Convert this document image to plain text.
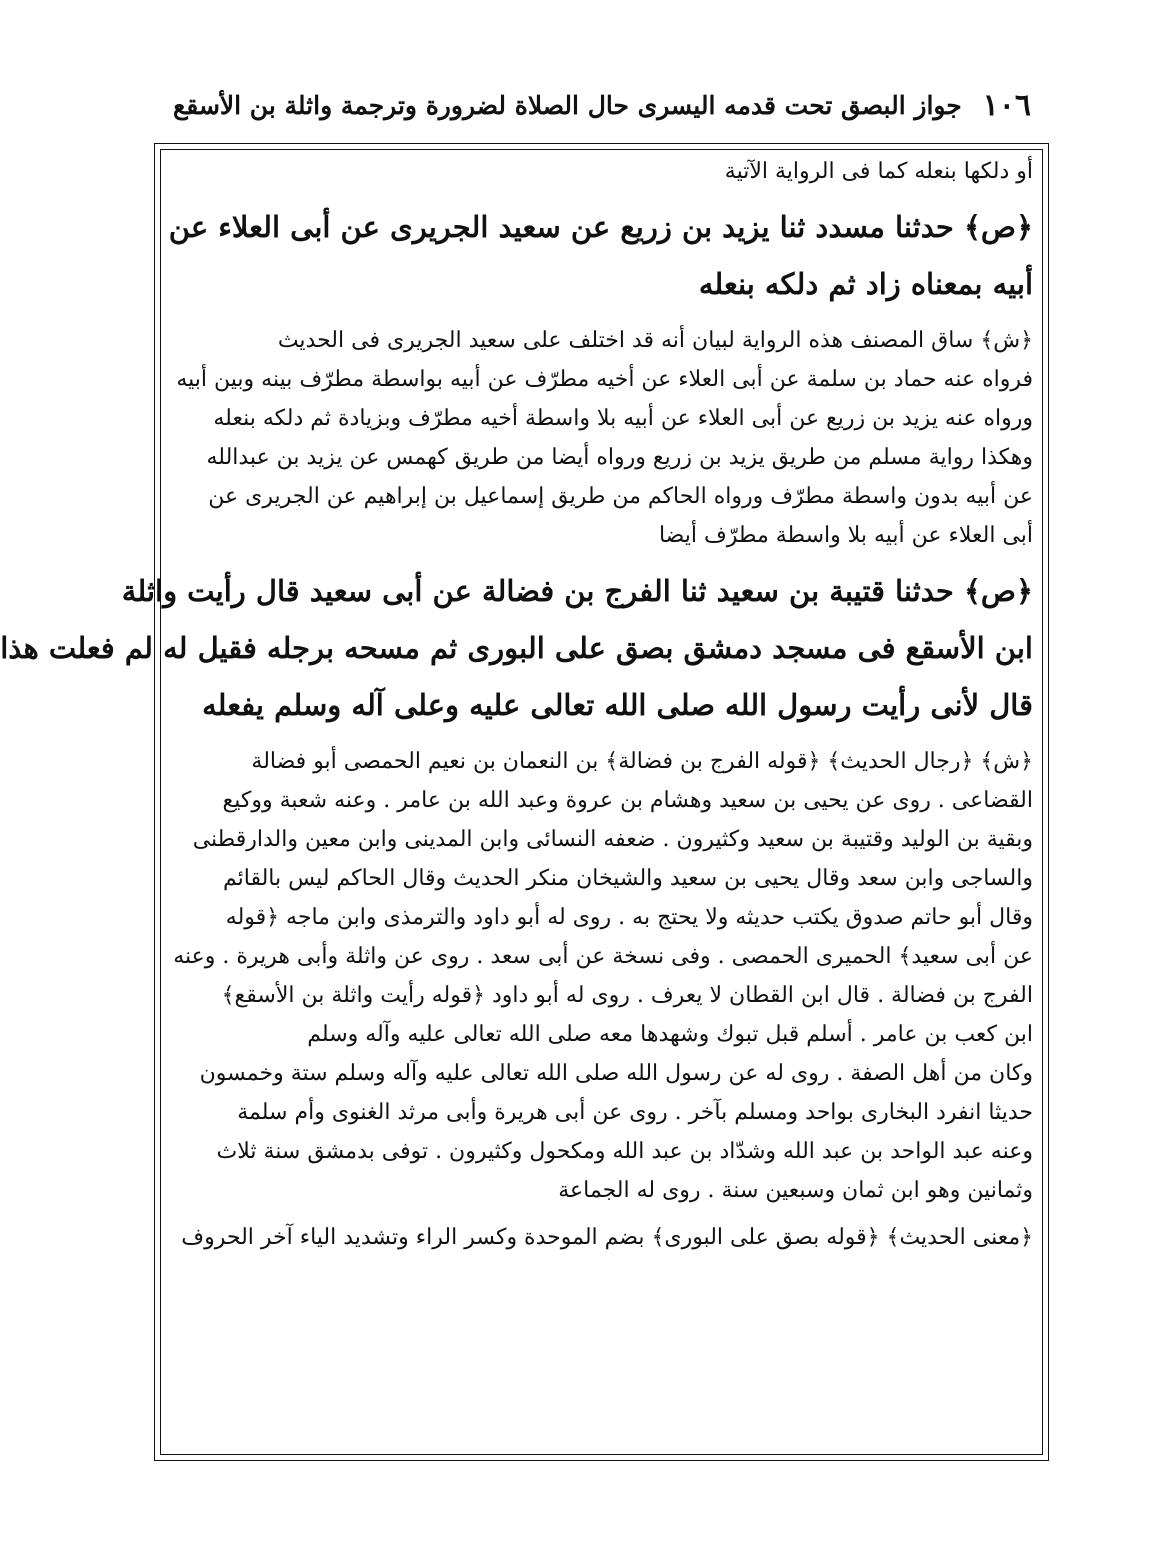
١٠٦
جواز البصق تحت قدمه اليسرى حال الصلاة لضرورة وترجمة واثلة بن الأسقع
أو دلكها بنعله كما فى الرواية الآتية
﴿ص﴾ حدثنا مسدد ثنا يزيد بن زريع عن سعيد الجريرى عن أبى العلاء عن
أبيه بمعناه زاد ثم دلكه بنعله
﴿ش﴾ ساق المصنف هذه الرواية لبيان أنه قد اختلف على سعيد الجريرى فى الحديث
فرواه عنه حماد بن سلمة عن أبى العلاء عن أخيه مطرّف عن أبيه بواسطة مطرّف بينه وبين أبيه
ورواه عنه يزيد بن زريع عن أبى العلاء عن أبيه بلا واسطة أخيه مطرّف وبزيادة ثم دلكه بنعله
وهكذا رواية مسلم من طريق يزيد بن زريع ورواه أيضا من طريق كهمس عن يزيد بن عبدالله
عن أبيه بدون واسطة مطرّف ورواه الحاكم من طريق إسماعيل بن إبراهيم عن الجريرى عن
أبى العلاء عن أبيه بلا واسطة مطرّف أيضا
﴿ص﴾ حدثنا قتيبة بن سعيد ثنا الفرج بن فضالة عن أبى سعيد قال رأيت واثلة
ابن الأسقع فى مسجد دمشق بصق على البورى ثم مسحه برجله فقيل له لم فعلت هذا
قال لأنى رأيت رسول الله صلى الله تعالى عليه وعلى آله وسلم يفعله
﴿ش﴾ ﴿رجال الحديث﴾ ﴿قوله الفرج بن فضالة﴾ بن النعمان بن نعيم الحمصى أبو فضالة
القضاعى . روى عن يحيى بن سعيد وهشام بن عروة وعبد الله بن عامر . وعنه شعبة ووكيع
وبقية بن الوليد وقتيبة بن سعيد وكثيرون . ضعفه النسائى وابن المدينى وابن معين والدارقطنى
والساجى وابن سعد وقال يحيى بن سعيد والشيخان منكر الحديث وقال الحاكم ليس بالقائم
وقال أبو حاتم صدوق يكتب حديثه ولا يحتج به . روى له أبو داود والترمذى وابن ماجه ﴿قوله
عن أبى سعيد﴾ الحميرى الحمصى . وفى نسخة عن أبى سعد . روى عن واثلة وأبى هريرة . وعنه
الفرج بن فضالة . قال ابن القطان لا يعرف . روى له أبو داود ﴿قوله رأيت واثلة بن الأسقع﴾
ابن كعب بن عامر . أسلم قبل تبوك وشهدها معه صلى الله تعالى عليه وآله وسلم
وكان من أهل الصفة . روى له عن رسول الله صلى الله تعالى عليه وآله وسلم ستة وخمسون
حديثا انفرد البخارى بواحد ومسلم بآخر . روى عن أبى هريرة وأبى مرثد الغنوى وأم سلمة
وعنه عبد الواحد بن عبد الله وشدّاد بن عبد الله ومكحول وكثيرون . توفى بدمشق سنة ثلاث
وثمانين وهو ابن ثمان وسبعين سنة . روى له الجماعة
﴿معنى الحديث﴾ ﴿قوله بصق على البورى﴾ بضم الموحدة وكسر الراء وتشديد الياء آخر الحروف
